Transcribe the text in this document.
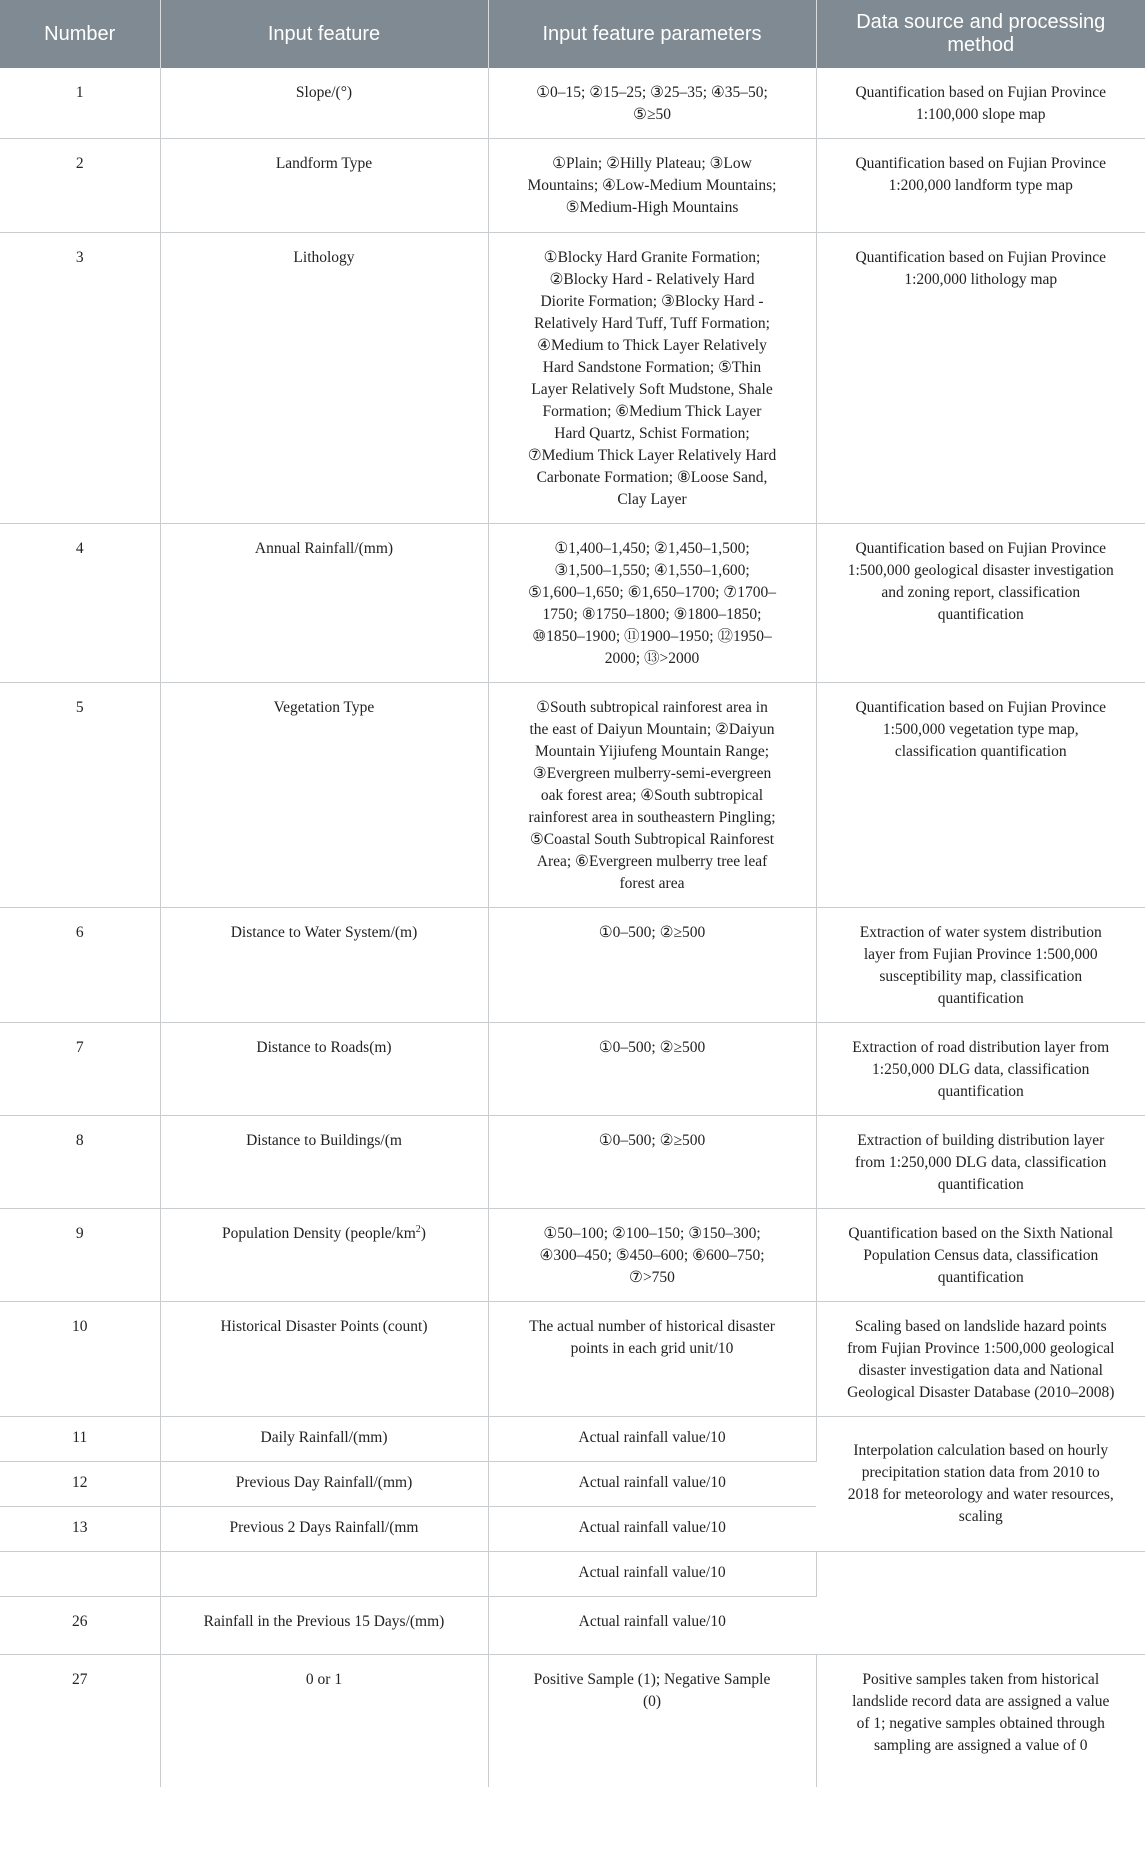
Number	Input feature	Input feature parameters	Data source and processing method
1	Slope/(°)	①0–15; ②15–25; ③25–35; ④35–50; ⑤≥50	Quantification based on Fujian Province 1:100,000 slope map
2	Landform Type	①Plain; ②Hilly Plateau; ③Low Mountains; ④Low-Medium Mountains; ⑤Medium-High Mountains	Quantification based on Fujian Province 1:200,000 landform type map
3	Lithology	①Blocky Hard Granite Formation; ②Blocky Hard - Relatively Hard Diorite Formation; ③Blocky Hard - Relatively Hard Tuff, Tuff Formation; ④Medium to Thick Layer Relatively Hard Sandstone Formation; ⑤Thin Layer Relatively Soft Mudstone, Shale Formation; ⑥Medium Thick Layer Hard Quartz, Schist Formation; ⑦Medium Thick Layer Relatively Hard Carbonate Formation; ⑧Loose Sand, Clay Layer	Quantification based on Fujian Province 1:200,000 lithology map
4	Annual Rainfall/(mm)	①1,400–1,450; ②1,450–1,500; ③1,500–1,550; ④1,550–1,600; ⑤1,600–1,650; ⑥1,650–1700; ⑦1700–1750; ⑧1750–1800; ⑨1800–1850; ⑩1850–1900; ⑪1900–1950; ⑫1950–2000; ⑬>2000	Quantification based on Fujian Province 1:500,000 geological disaster investigation and zoning report, classification quantification
5	Vegetation Type	①South subtropical rainforest area in the east of Daiyun Mountain; ②Daiyun Mountain Yijiufeng Mountain Range; ③Evergreen mulberry-semi-evergreen oak forest area; ④South subtropical rainforest area in southeastern Pingling; ⑤Coastal South Subtropical Rainforest Area; ⑥Evergreen mulberry tree leaf forest area	Quantification based on Fujian Province 1:500,000 vegetation type map, classification quantification
6	Distance to Water System/(m)	①0–500; ②≥500	Extraction of water system distribution layer from Fujian Province 1:500,000 susceptibility map, classification quantification
7	Distance to Roads(m)	①0–500; ②≥500	Extraction of road distribution layer from 1:250,000 DLG data, classification quantification
8	Distance to Buildings/(m	①0–500; ②≥500	Extraction of building distribution layer from 1:250,000 DLG data, classification quantification
9	Population Density $(people/km^2)$	①50–100; ②100–150; ③150–300; ④300–450; ⑤450–600; ⑥600–750; ⑦>750	Quantification based on the Sixth National Population Census data, classification quantification
10	Historical Disaster Points (count)	The actual number of historical disaster points in each grid unit/10	Scaling based on landslide hazard points from Fujian Province 1:500,000 geological disaster investigation data and National Geological Disaster Database (2010–2008)
11	Daily Rainfall/(mm)	Actual rainfall value/10	Interpolation calculation based on hourly precipitation station data from 2010 to 2018 for meteorology and water resources, scaling
12	Previous Day Rainfall/(mm)	Actual rainfall value/10	
13	Previous 2 Days Rainfall/(mm	Actual rainfall value/10	
		Actual rainfall value/10	
26	Rainfall in the Previous 15 Days/(mm)	Actual rainfall value/10	
27	0 or 1	Positive Sample (1); Negative Sample (0)	Positive samples taken from historical landslide record data are assigned a value of 1; negative samples obtained through sampling are assigned a value of 0
